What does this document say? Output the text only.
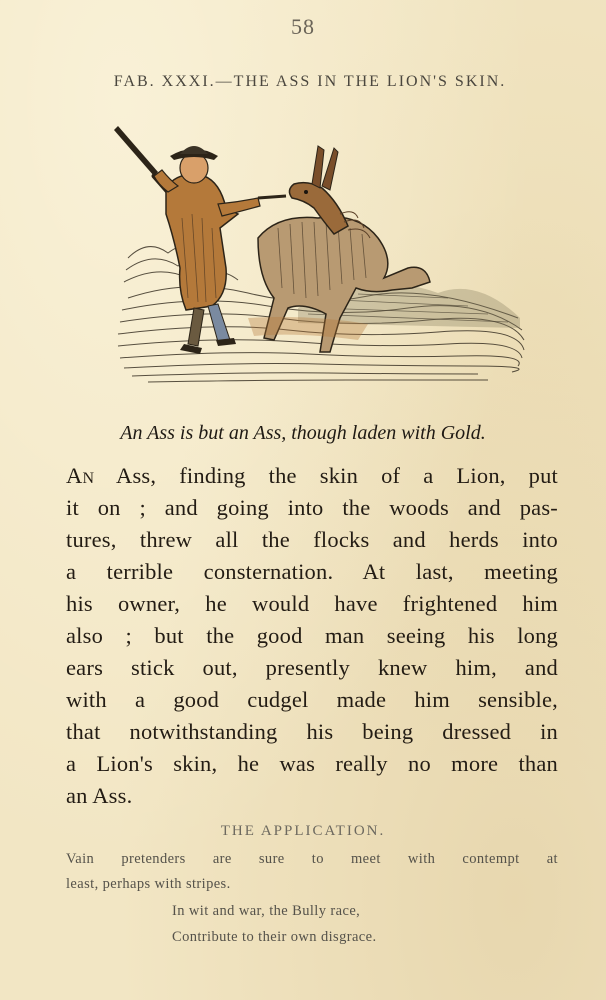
58
FAB. XXXI.—THE ASS IN THE LION'S SKIN.
An Ass is but an Ass, though laden with Gold.
An Ass, finding the skin of a Lion, put
it on ; and going into the woods and pas-
tures, threw all the flocks and herds into
a terrible consternation. At last, meeting
his owner, he would have frightened him
also ; but the good man seeing his long
ears stick out, presently knew him, and
with a good cudgel made him sensible,
that notwithstanding his being dressed in
a Lion's skin, he was really no more than
an Ass.
THE APPLICATION.
Vain pretenders are sure to meet with contempt at
least, perhaps with stripes.
In wit and war, the Bully race,
Contribute to their own disgrace.
